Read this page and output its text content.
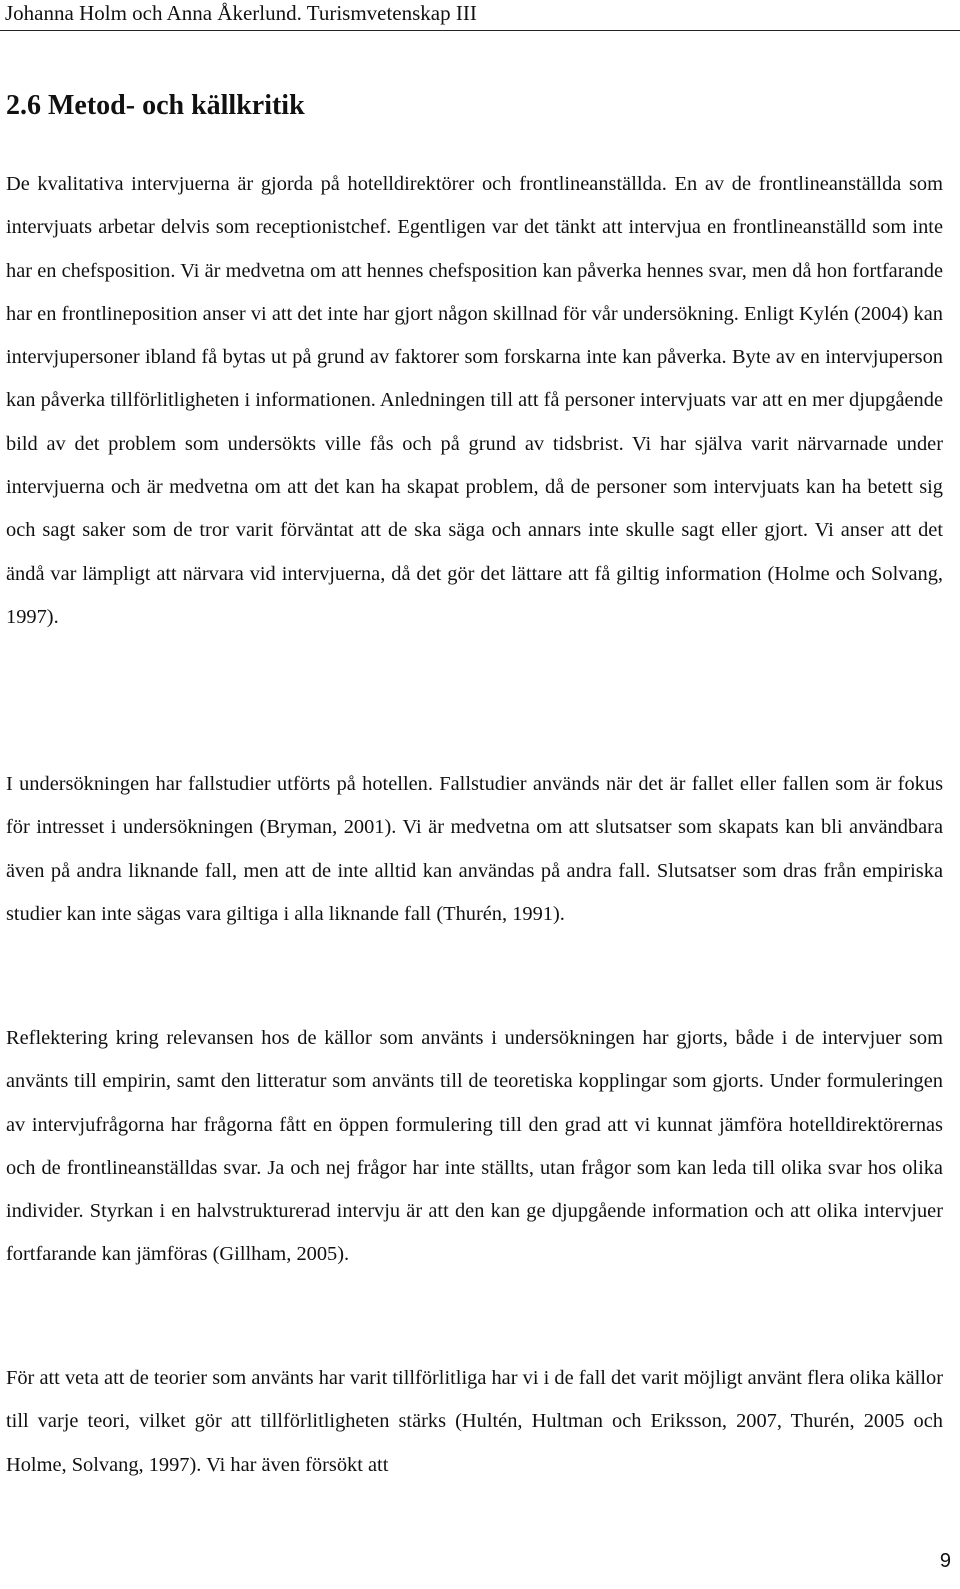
Johanna Holm och Anna Åkerlund. Turismvetenskap III
2.6 Metod- och källkritik

De kvalitativa intervjuerna är gjorda på hotelldirektörer och frontlineanställda. En av de frontlineanställda som intervjuats arbetar delvis som receptionistchef. Egentligen var det tänkt att intervjua en frontlineanställd som inte har en chefsposition. Vi är medvetna om att hennes chefsposition kan påverka hennes svar, men då hon fortfarande har en frontlineposition anser vi att det inte har gjort någon skillnad för vår undersökning. Enligt Kylén (2004) kan intervjupersoner ibland få bytas ut på grund av faktorer som forskarna inte kan påverka. Byte av en intervjuperson kan påverka tillförlitligheten i informationen. Anledningen till att få personer intervjuats var att en mer djupgående bild av det problem som undersökts ville fås och på grund av tidsbrist. Vi har själva varit närvarnade under intervjuerna och är medvetna om att det kan ha skapat problem, då de personer som intervjuats kan ha betett sig och sagt saker som de tror varit förväntat att de ska säga och annars inte skulle sagt eller gjort. Vi anser att det ändå var lämpligt att närvara vid intervjuerna, då det gör det lättare att få giltig information (Holme och Solvang, 1997).

I undersökningen har fallstudier utförts på hotellen. Fallstudier används när det är fallet eller fallen som är fokus för intresset i undersökningen (Bryman, 2001). Vi är medvetna om att slutsatser som skapats kan bli användbara även på andra liknande fall, men att de inte alltid kan användas på andra fall. Slutsatser som dras från empiriska studier kan inte sägas vara giltiga i alla liknande fall (Thurén, 1991).

Reflektering kring relevansen hos de källor som använts i undersökningen har gjorts, både i de intervjuer som använts till empirin, samt den litteratur som använts till de teoretiska kopplingar som gjorts. Under formuleringen av intervjufrågorna har frågorna fått en öppen formulering till den grad att vi kunnat jämföra hotelldirektörernas och de frontlineanställdas svar. Ja och nej frågor har inte ställts, utan frågor som kan leda till olika svar hos olika individer. Styrkan i en halvstrukturerad intervju är att den kan ge djupgående information och att olika intervjuer fortfarande kan jämföras (Gillham, 2005).

För att veta att de teorier som använts har varit tillförlitliga har vi i de fall det varit möjligt använt flera olika källor till varje teori, vilket gör att tillförlitligheten stärks (Hultén, Hultman och Eriksson, 2007, Thurén, 2005 och Holme, Solvang, 1997). Vi har även försökt att

9
